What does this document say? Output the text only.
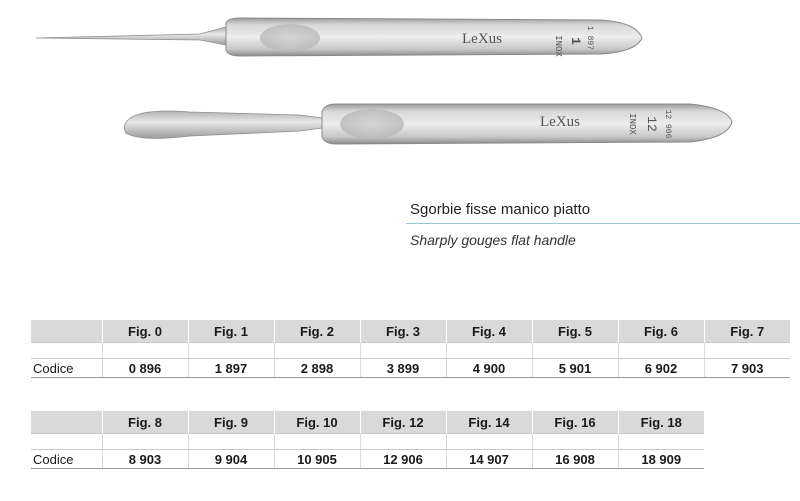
LeXus	INOX 1 1 897
LeXus	INOX 12 12 906
Sgorbie fisse manico piatto
Sharply gouges flat handle
	Fig. 0	Fig. 1	Fig. 2	Fig. 3	Fig. 4	Fig. 5	Fig. 6	Fig. 7

Codice	0 896	1 897	2 898	3 899	4 900	5 901	6 902	7 903
	Fig. 8	Fig. 9	Fig. 10	Fig. 12	Fig. 14	Fig. 16	Fig. 18

Codice	8 903	9 904	10 905	12 906	14 907	16 908	18 909
